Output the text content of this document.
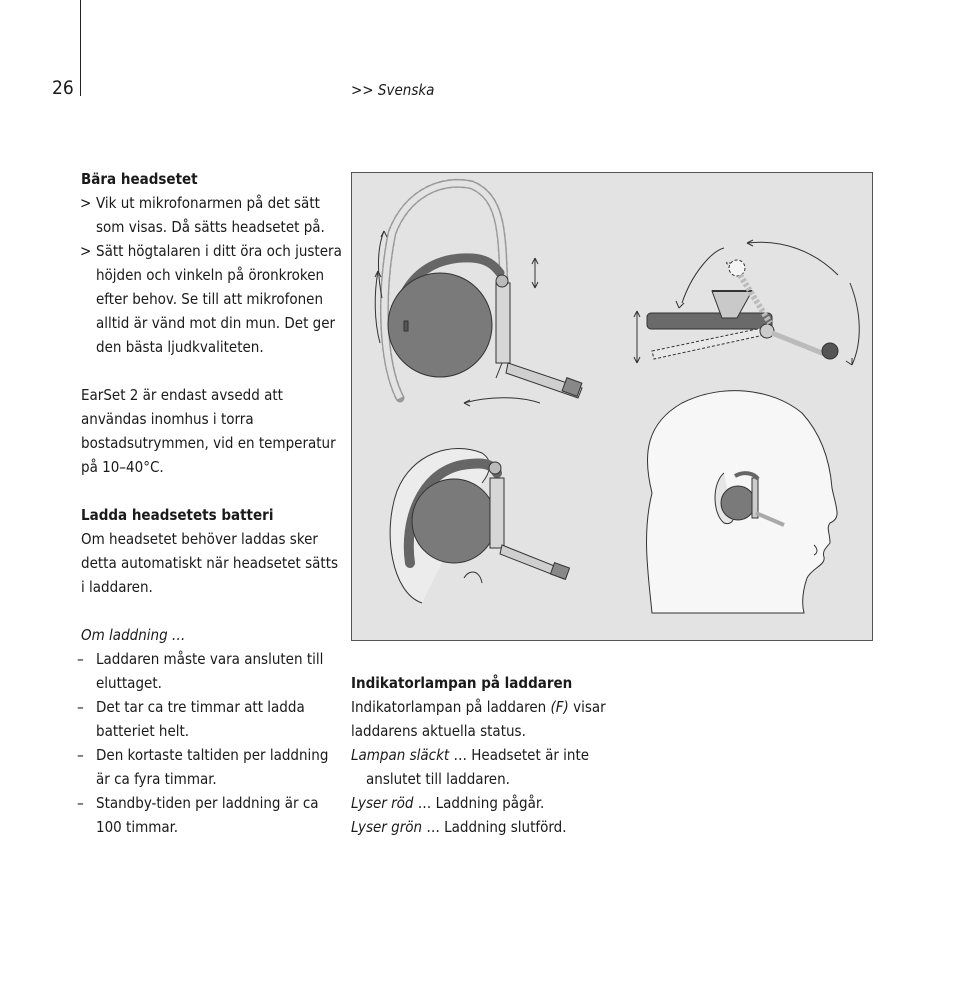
26	>> Svenska
Bära headsetet
> Vik ut mikrofonarmen på det sätt som visas. Då sätts headsetet på.
> Sätt högtalaren i ditt öra och justera höjden och vinkeln på öronkroken efter behov. Se till att mikrofonen alltid är vänd mot din mun. Det ger den bästa ljudkvaliteten.

EarSet 2 är endast avsedd att användas inomhus i torra bostadsutrymmen, vid en temperatur på 10–40°C.

Ladda headsetets batteri

Om headsetet behöver laddas sker detta automatiskt när headsetet sätts i laddaren.

Om laddning …

– Laddaren måste vara ansluten till eluttaget.
– Det tar ca tre timmar att ladda batteriet helt.
– Den kortaste taltiden per laddning är ca fyra timmar.
– Standby-tiden per laddning är ca 100 timmar.
Indikatorlampan på laddaren

Indikatorlampan på laddaren (F) visar laddarens aktuella status.

Lampan släckt … Headsetet är inte anslutet till laddaren.

Lyser röd … Laddning pågår.

Lyser grön … Laddning slutförd.
